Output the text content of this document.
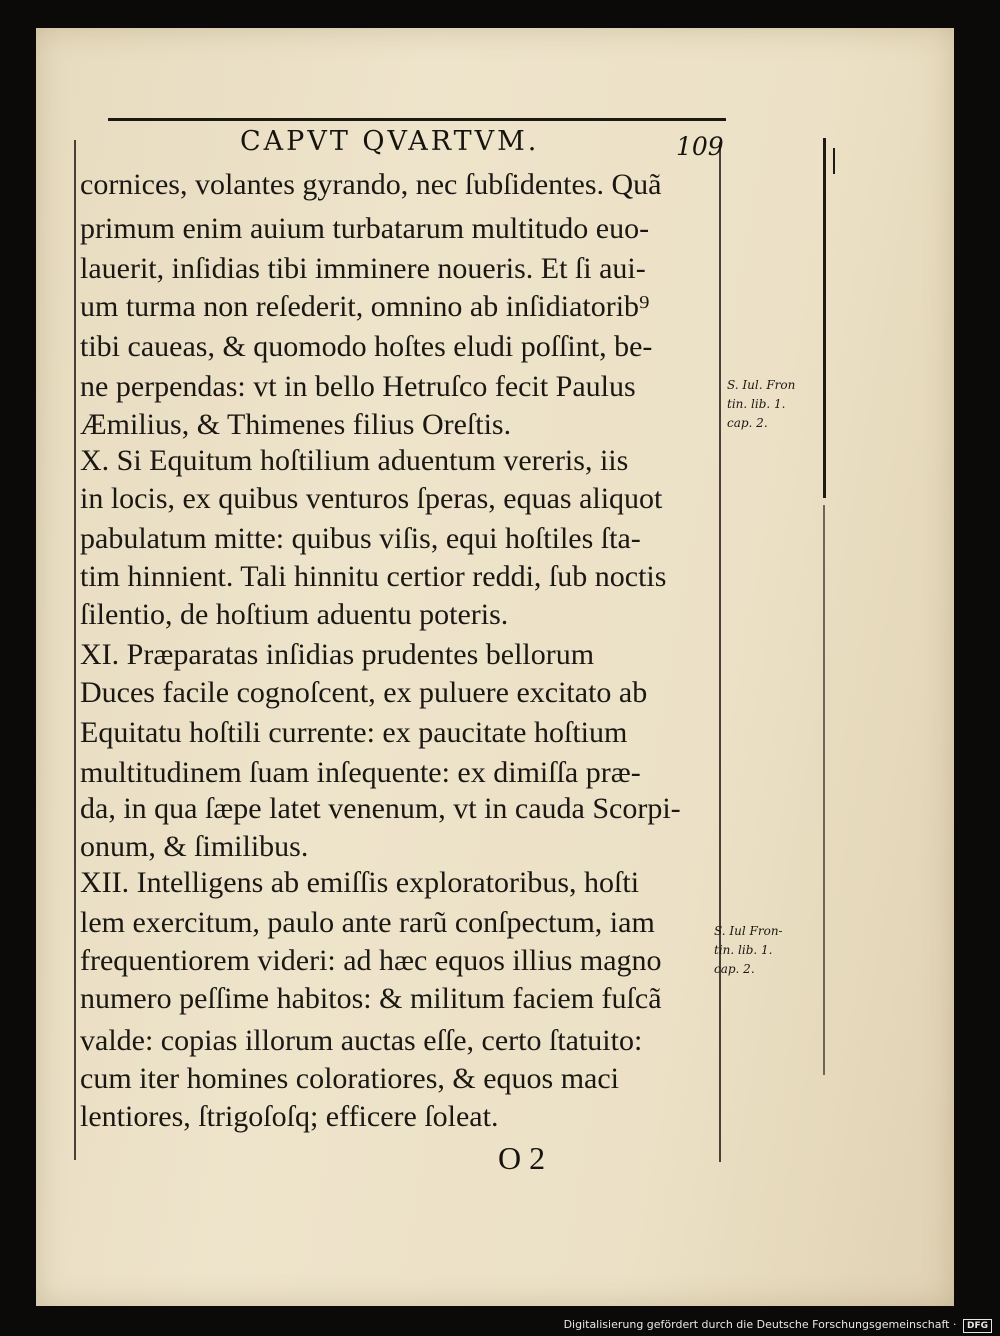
CAPVT QVARTVM.	109
cornices, volantes gyrando, nec ſubſidentes. Quã
primum enim auium turbatarum multitudo euo-
lauerit, inſidias tibi imminere noueris. Et ſi aui-
um turma non reſederit, omnino ab inſidiatorib⁹
tibi caueas, & quomodo hoſtes eludi poſſint, be-
ne perpendas: vt in bello Hetruſco fecit Paulus
Æmilius, & Thimenes filius Oreſtis.
X. Si Equitum hoſtilium aduentum vereris, iis
in locis, ex quibus venturos ſperas, equas aliquot
pabulatum mitte: quibus viſis, equi hoſtiles ſta-
tim hinnient. Tali hinnitu certior reddi, ſub noctis
ſilentio, de hoſtium aduentu poteris.
XI. Præparatas inſidias prudentes bellorum
Duces facile cognoſcent, ex puluere excitato ab
Equitatu hoſtili currente: ex paucitate hoſtium
multitudinem ſuam inſequente: ex dimiſſa præ-
da, in qua ſæpe latet venenum, vt in cauda Scorpi-
onum, & ſimilibus.
XII. Intelligens ab emiſſis exploratoribus, hoſti
lem exercitum, paulo ante rarũ conſpectum, iam
frequentiorem videri: ad hæc equos illius magno
numero peſſime habitos: & militum faciem fuſcã
valde: copias illorum auctas eſſe, certo ſtatuito:
cum iter homines coloratiores, & equos maci
lentiores, ſtrigoſoſq; efficere ſoleat.
S. Iul. Fron
tin. lib. 1.
cap. 2.
S. Iul Fron-
tin. lib. 1.
cap. 2.
O 2
Digitalisierung gefördert durch die Deutsche Forschungsgemeinschaft · DFG
